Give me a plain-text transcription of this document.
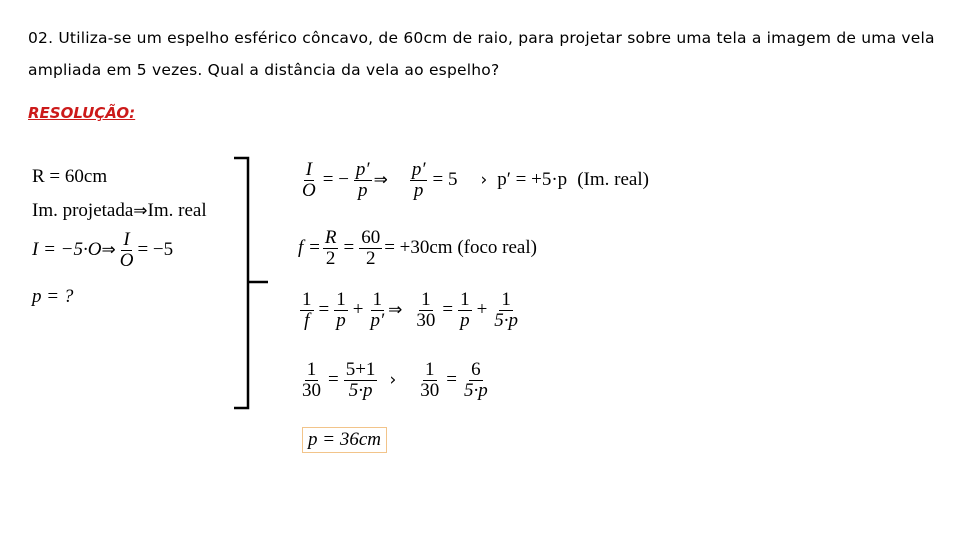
02. Utiliza-se um espelho esférico côncavo, de 60cm de raio, para projetar sobre uma tela a imagem de uma vela ampliada em 5 vezes. Qual a distância da vela ao espelho?
RESOLUÇÃO:
R = 60cm
Im. projetada⇒Im. real
I = −5·O ⇒ $\frac{I}{O} = -5$
p = ?
$\frac{I}{O}$ = − $\frac{p'}{p}$ ⇒ $\frac{p'}{p} = 5$ › p′ = +5·p (Im. real)
$f = \frac{R}{2} = \frac{60}{2} = +30cm$ (foco real)
$\frac{1}{f} = \frac{1}{p} + \frac{1}{p'}$ ⇒ $\frac{1}{30} = \frac{1}{p} + \frac{1}{5\cdot p}$
$\frac{1}{30} = \frac{5+1}{5\cdot p}$ › $\frac{1}{30} = \frac{6}{5\cdot p}$
p = 36cm
